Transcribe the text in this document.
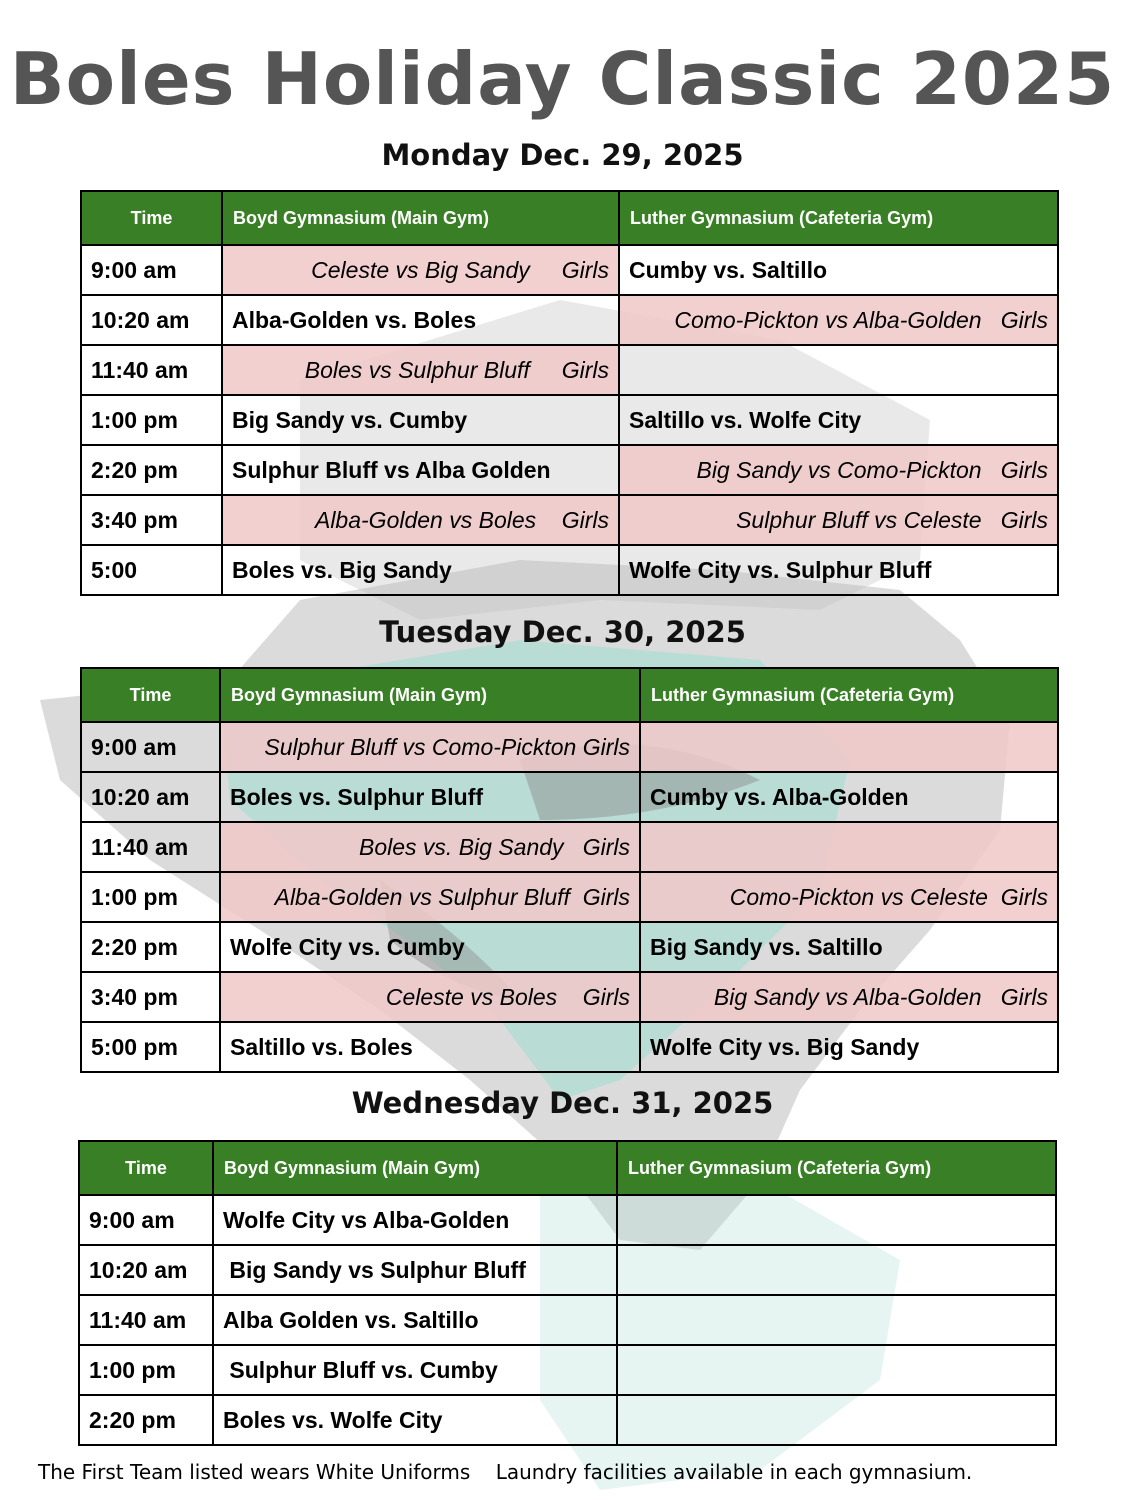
Boles Holiday Classic 2025
Monday Dec. 29, 2025
Time	Boyd Gymnasium (Main Gym)	Luther Gymnasium (Cafeteria Gym)
9:00 am	Celeste vs Big Sandy     Girls	Cumby vs. Saltillo
10:20 am	Alba-Golden vs. Boles	Como-Pickton vs Alba-Golden   Girls
11:40 am	Boles vs Sulphur Bluff     Girls	
1:00 pm	Big Sandy vs. Cumby	Saltillo vs. Wolfe City
2:20 pm	Sulphur Bluff vs Alba Golden	Big Sandy vs Como-Pickton   Girls
3:40 pm	Alba-Golden vs Boles    Girls	Sulphur Bluff vs Celeste   Girls
5:00	Boles vs. Big Sandy	Wolfe City vs. Sulphur Bluff
Tuesday Dec. 30, 2025
Time	Boyd Gymnasium (Main Gym)	Luther Gymnasium (Cafeteria Gym)
9:00 am	Sulphur Bluff vs Como-Pickton Girls	
10:20 am	Boles vs. Sulphur Bluff	Cumby vs. Alba-Golden
11:40 am	Boles vs. Big Sandy   Girls	
1:00 pm	Alba-Golden vs Sulphur Bluff  Girls	Como-Pickton vs Celeste  Girls
2:20 pm	Wolfe City vs. Cumby	Big Sandy vs. Saltillo
3:40 pm	Celeste vs Boles    Girls	Big Sandy vs Alba-Golden   Girls
5:00 pm	Saltillo vs. Boles	Wolfe City vs. Big Sandy
Wednesday Dec. 31, 2025
Time	Boyd Gymnasium (Main Gym)	Luther Gymnasium (Cafeteria Gym)
9:00 am	Wolfe City vs Alba-Golden	
10:20 am	Big Sandy vs Sulphur Bluff	
11:40 am	Alba Golden vs. Saltillo	
1:00 pm	Sulphur Bluff vs. Cumby	
2:20 pm	Boles vs. Wolfe City	
The First Team listed wears White Uniforms    Laundry facilities available in each gymnasium.
